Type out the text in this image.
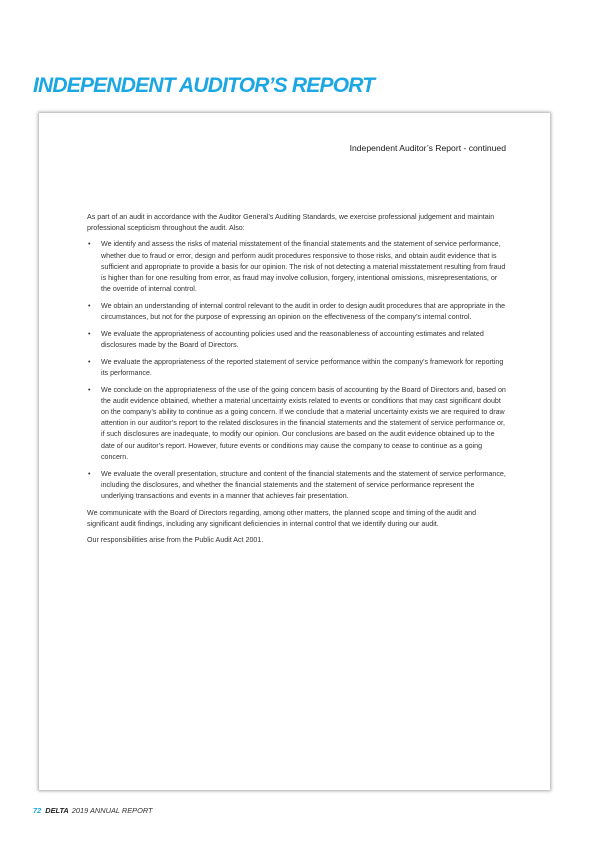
INDEPENDENT AUDITOR’S REPORT
Independent Auditor’s Report - continued

As part of an audit in accordance with the Auditor General’s Auditing Standards, we exercise professional judgement and maintain professional scepticism throughout the audit. Also:

• We identify and assess the risks of material misstatement of the financial statements and the statement of service performance, whether due to fraud or error, design and perform audit procedures responsive to those risks, and obtain audit evidence that is sufficient and appropriate to provide a basis for our opinion. The risk of not detecting a material misstatement resulting from fraud is higher than for one resulting from error, as fraud may involve collusion, forgery, intentional omissions, misrepresentations, or the override of internal control.
• We obtain an understanding of internal control relevant to the audit in order to design audit procedures that are appropriate in the circumstances, but not for the purpose of expressing an opinion on the effectiveness of the company’s internal control.
• We evaluate the appropriateness of accounting policies used and the reasonableness of accounting estimates and related disclosures made by the Board of Directors.
• We evaluate the appropriateness of the reported statement of service performance within the company’s framework for reporting its performance.
• We conclude on the appropriateness of the use of the going concern basis of accounting by the Board of Directors and, based on the audit evidence obtained, whether a material uncertainty exists related to events or conditions that may cast significant doubt on the company’s ability to continue as a going concern. If we conclude that a material uncertainty exists we are required to draw attention in our auditor’s report to the related disclosures in the financial statements and the statement of service performance or, if such disclosures are inadequate, to modify our opinion. Our conclusions are based on the audit evidence obtained up to the date of our auditor’s report. However, future events or conditions may cause the company to cease to continue as a going concern.
• We evaluate the overall presentation, structure and content of the financial statements and the statement of service performance, including the disclosures, and whether the financial statements and the statement of service performance represent the underlying transactions and events in a manner that achieves fair presentation.

We communicate with the Board of Directors regarding, among other matters, the planned scope and timing of the audit and significant audit findings, including any significant deficiencies in internal control that we identify during our audit.

Our responsibilities arise from the Public Audit Act 2001.

72 DELTA 2019 ANNUAL REPORT
